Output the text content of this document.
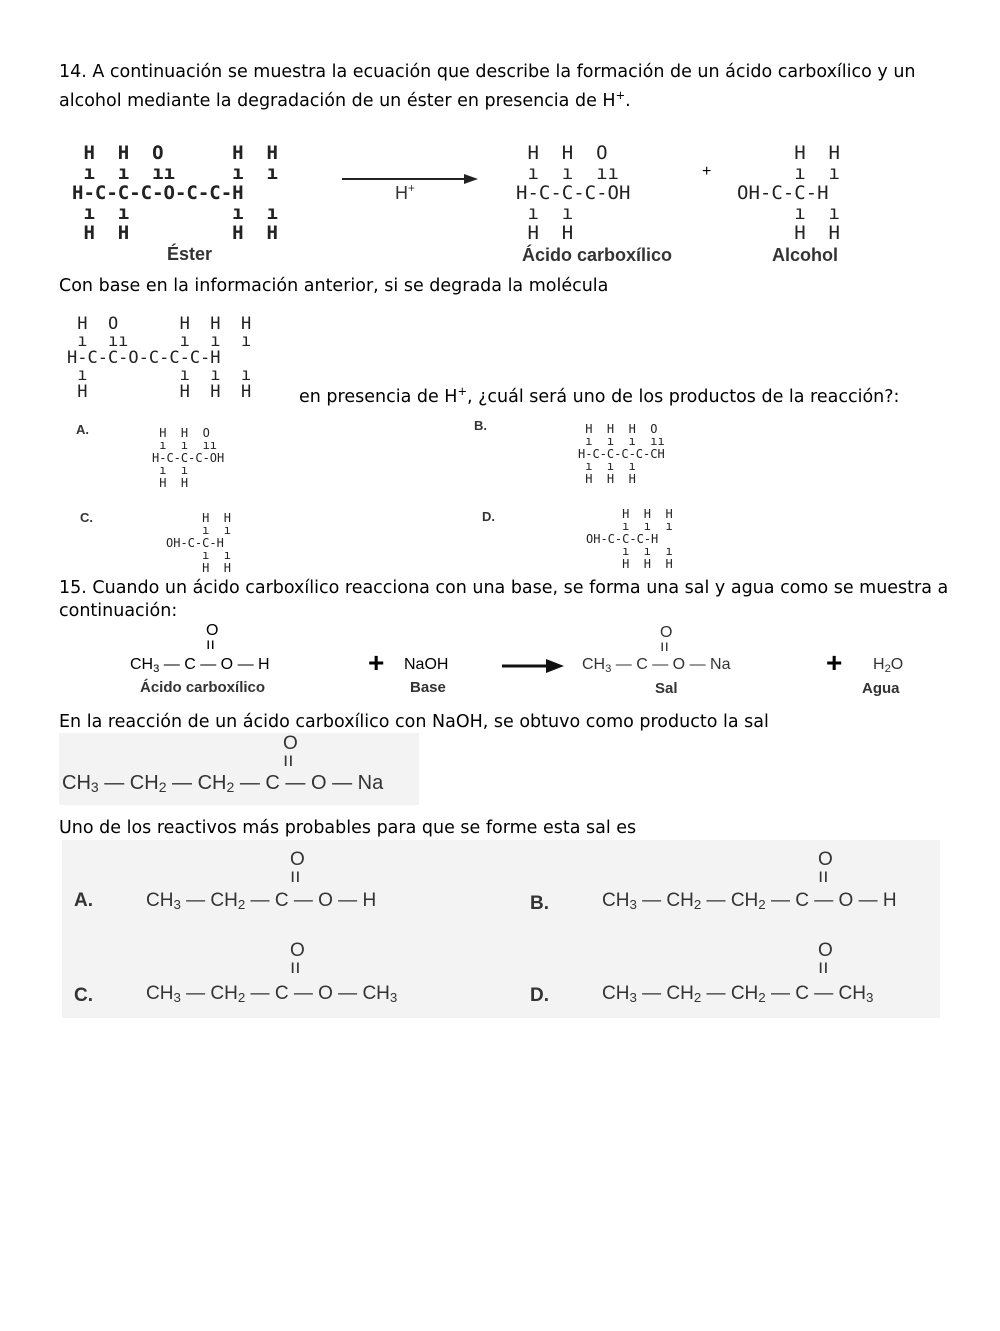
14. A continuación se muestra la ecuación que describe la formación de un ácido carboxílico y un
alcohol mediante la degradación de un éster en presencia de H+.

H  H  O      H  H
ı  ı  ıı     ı  ı
H-C-C-C-O-C-C-H
ı  ı         ı  ı
H  H         H  H
Éster
H+

H  H  O
ı  ı  ıı
H-C-C-C-OH
ı  ı
H  H
Ácido carboxílico
+

H  H
ı  ı
OH-C-C-H
ı  ı
H  H
Alcohol
Con base en la información anterior, si se degrada la molécula

H  O      H  H  H
ı  ıı     ı  ı  ı
H-C-C-O-C-C-C-H
ı         ı  ı  ı
H         H  H  H	en presencia de H+, ¿cuál será uno de los productos de la reacción?:
A.	H  H  O
ı  ı  ıı
H-C-C-C-OH
ı  ı
H  H
B.	H  H  H  O
ı  ı  ı  ıı
H-C-C-C-C-CH
ı  ı  ı
H  H  H
C.	H  H
ı  ı
OH-C-C-H
ı  ı
H  H
D.	H  H  H
ı  ı  ı
OH-C-C-C-H
ı  ı  ı
H  H  H
15. Cuando un ácido carboxílico reacciona con una base, se forma una sal y agua como se muestra a
continuación:
$CH_3$ — C — O — H
O
ıı
Ácido carboxílico
+ NaOH
Base
$CH_3$ — C — O — Na
O
ıı
Sal
+ $H_2O$
Agua
En la reacción de un ácido carboxílico con NaOH, se obtuvo como producto la sal
$CH_3$ — $CH_2$ — $CH_2$ — C — O — Na
O
ıı
Uno de los reactivos más probables para que se forme esta sal es
A.	$CH_3$ — $CH_2$ — C — O — H
O
ıı
B.	$CH_3$ — $CH_2$ — $CH_2$ — C — O — H
O
ıı
C.	$CH_3$ — $CH_2$ — C — O — $CH_3$
O
ıı
D.	$CH_3$ — $CH_2$ — $CH_2$ — C — $CH_3$
O
ıı
